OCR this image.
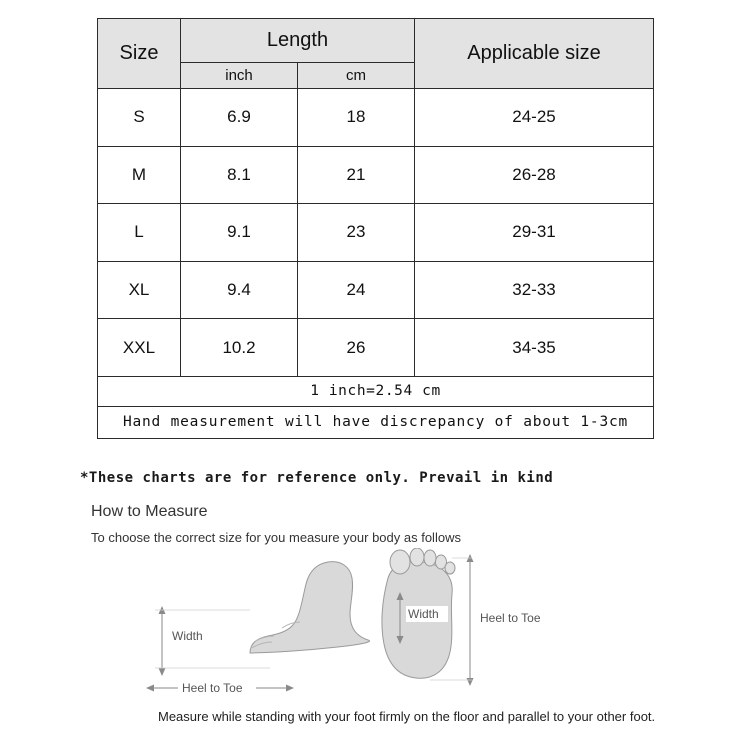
Size	Length		Applicable size
	inch	cm	
S	6.9	18	24-25
M	8.1	21	26-28
L	9.1	23	29-31
XL	9.4	24	32-33
XXL	10.2	26	34-35
1 inch=2.54 cm			
Hand measurement will have discrepancy of about 1-3cm			
*These charts are for reference only. Prevail in kind
How to Measure
To choose the correct size for you measure your body as follows
Width
Heel to Toe
Width	Heel to Toe
Measure while standing with your foot firmly on the floor and parallel to your other foot.
